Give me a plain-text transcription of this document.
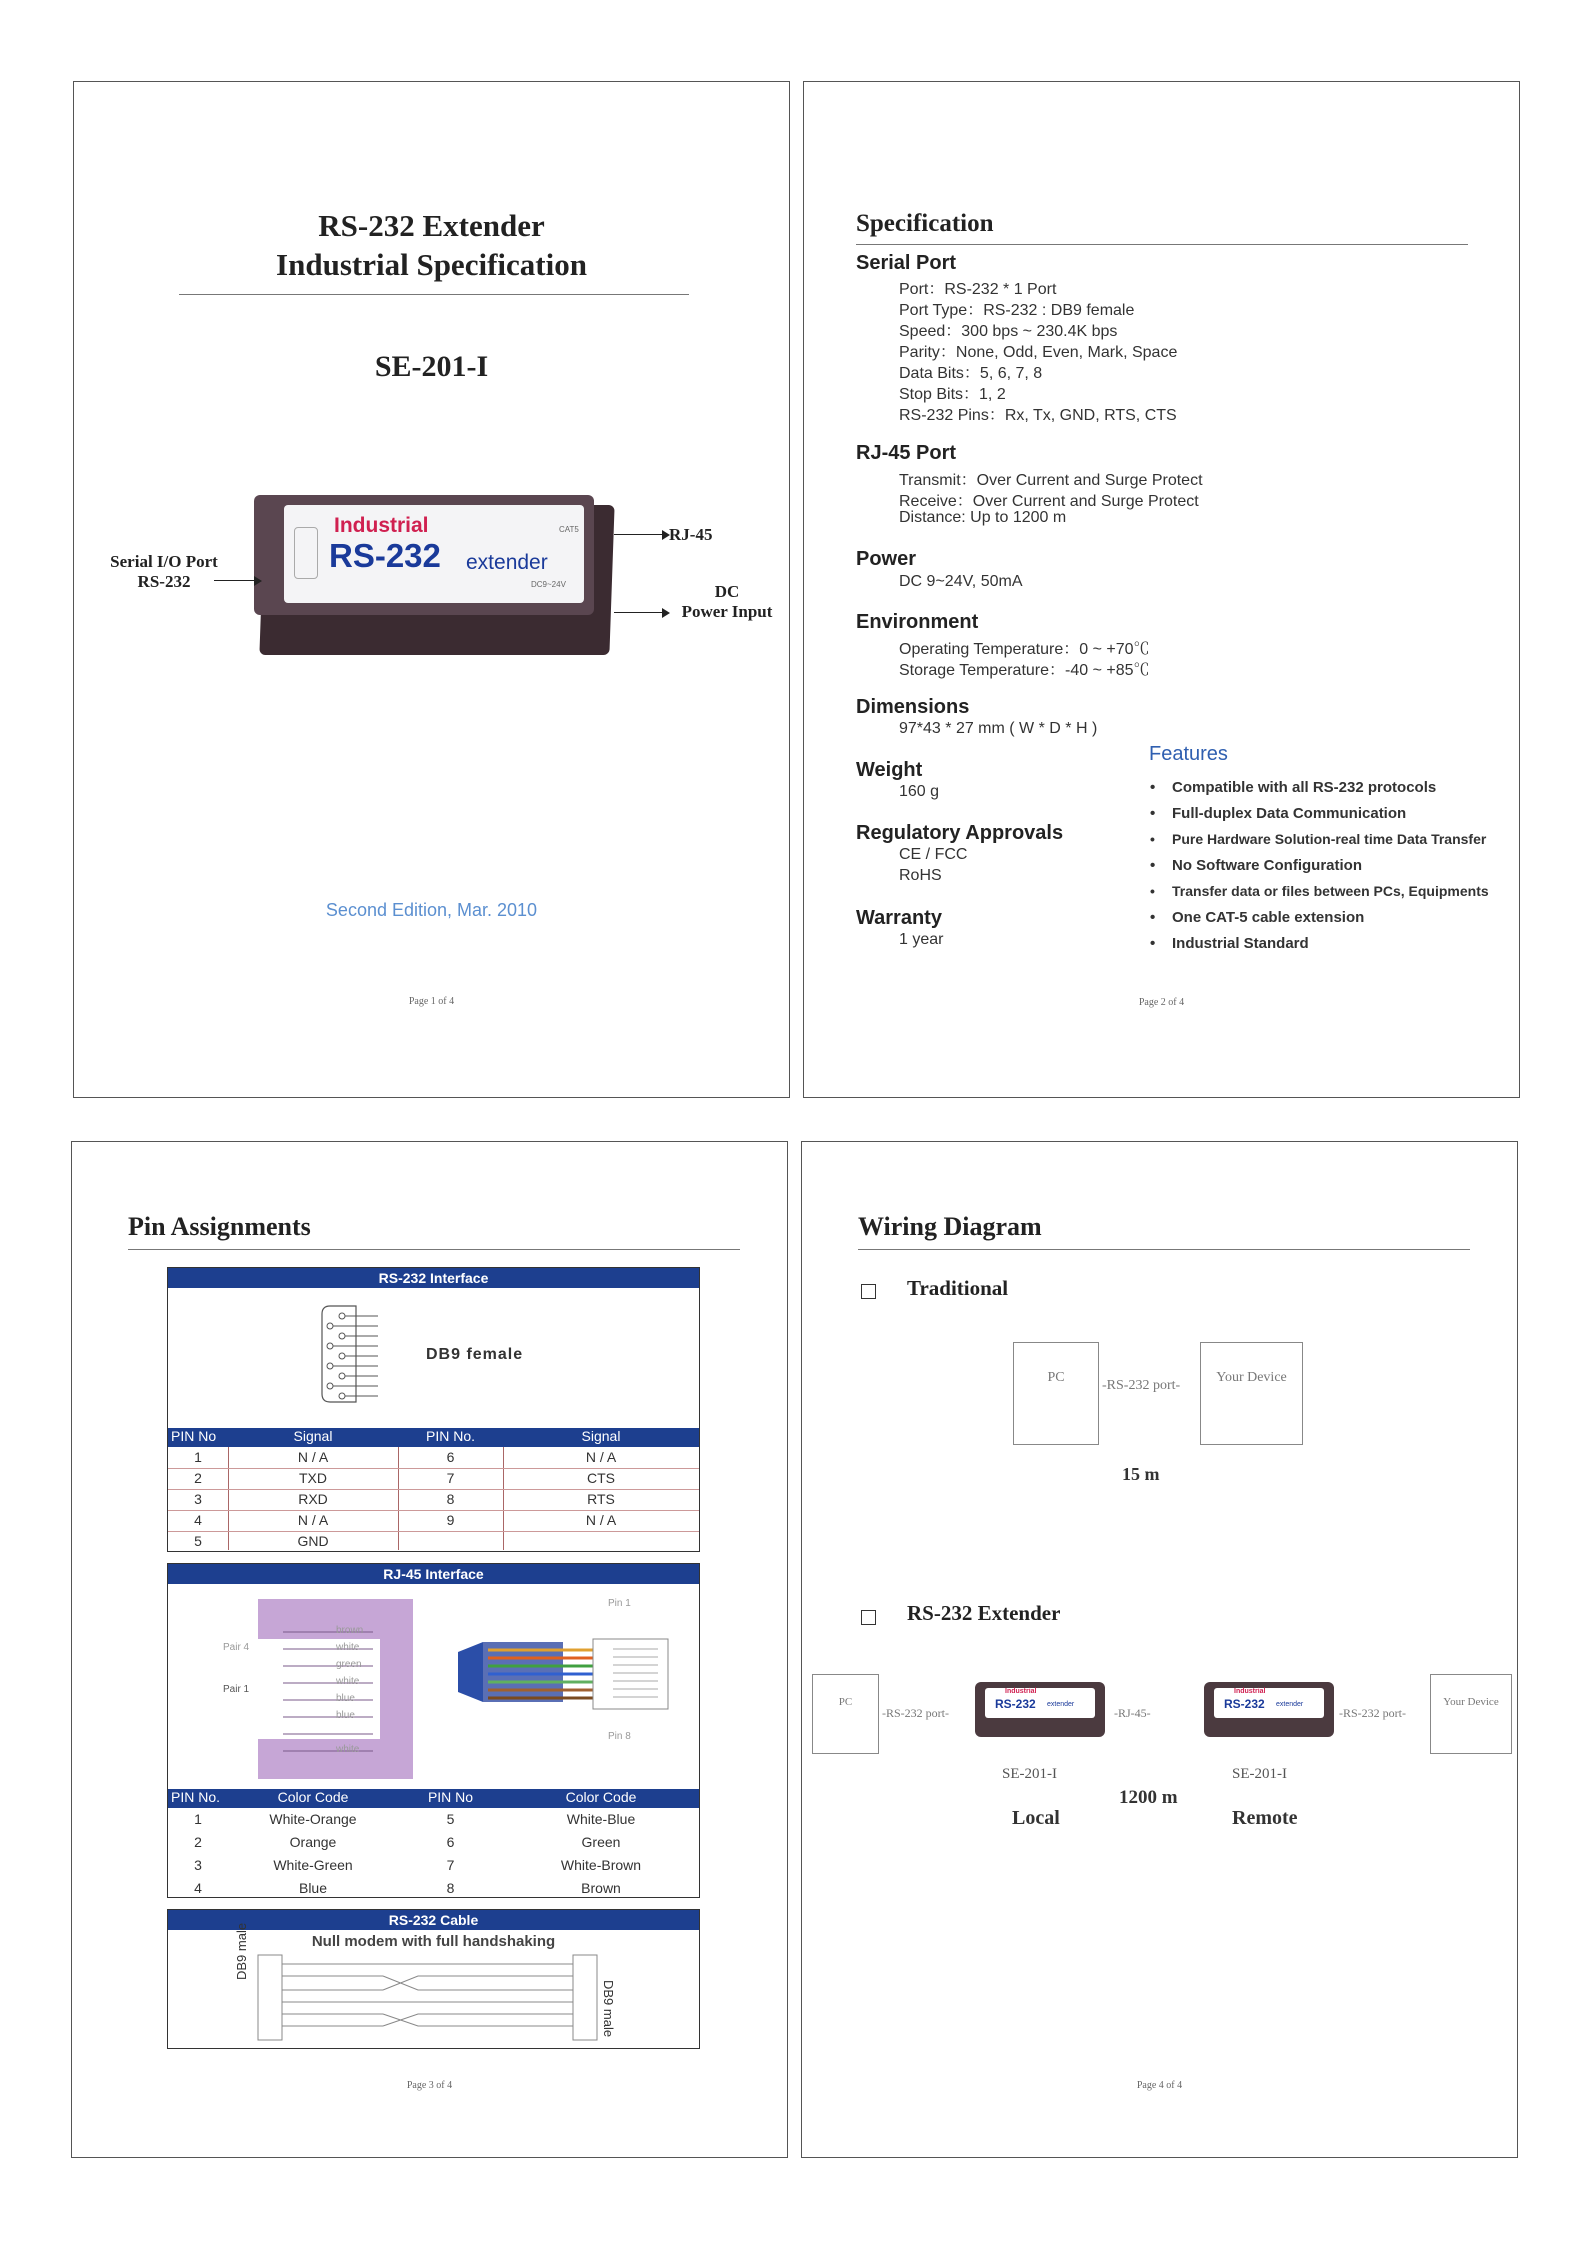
RS-232 Extender
Industrial Specification
SE-201-I
Industrial	CAT5
RS-232 extender
DC9~24V
Serial I/O Port
RS-232
RJ-45
DC
Power Input
Second Edition, Mar. 2010
Page 1 of 4
Specification
Serial Port
Port：RS-232 * 1 Port
Port Type：RS-232 : DB9 female
Speed：300 bps ~ 230.4K bps
Parity：None, Odd, Even, Mark, Space
Data Bits：5, 6, 7, 8
Stop Bits：1, 2
RS-232 Pins：Rx, Tx, GND, RTS, CTS
RJ-45 Port
Transmit：Over Current and Surge Protect
Receive：Over Current and Surge Protect
Distance: Up to 1200 m
Power
DC 9~24V, 50mA
Environment
Operating Temperature：0 ~ +70℃
Storage Temperature：-40 ~ +85℃
Dimensions
97*43 * 27 mm ( W * D * H )
Weight
160 g
Regulatory Approvals
CE / FCC
RoHS
Warranty
1 year
Features
• Compatible with all RS-232 protocols
• Full-duplex Data Communication
• Pure Hardware Solution-real time Data Transfer
• No Software Configuration
• Transfer data or files between PCs, Equipments
• One CAT-5 cable extension
• Industrial Standard
Page 2 of 4
Pin Assignments
RS-232 Interface
DB9 female
PIN No	Signal	PIN No.	Signal
1	N / A	6	N / A
2	TXD	7	CTS
3	RXD	8	RTS
4	N / A	9	N / A
5	GND
RJ-45 Interface
brown
white
green
white
blue
blue
white
Pair 4
Pair 1
Pin 1
Pin 8
PIN No.	Color Code	PIN No	Color Code
1	White-Orange	5	White-Blue
2	Orange	6	Green
3	White-Green	7	White-Brown
4	Blue	8	Brown
RS-232 Cable
Null modem with full handshaking
DB9 male
DB9 male
Page 3 of 4
Wiring Diagram
Traditional
PC
-RS-232 port-
Your Device
15 m
RS-232 Extender
PC
-RS-232 port-
Industrial
RS-232 extender
-RJ-45-
Industrial
RS-232 extender
-RS-232 port-
Your Device
SE-201-I	SE-201-I
1200 m
Local	Remote
Page 4 of 4
